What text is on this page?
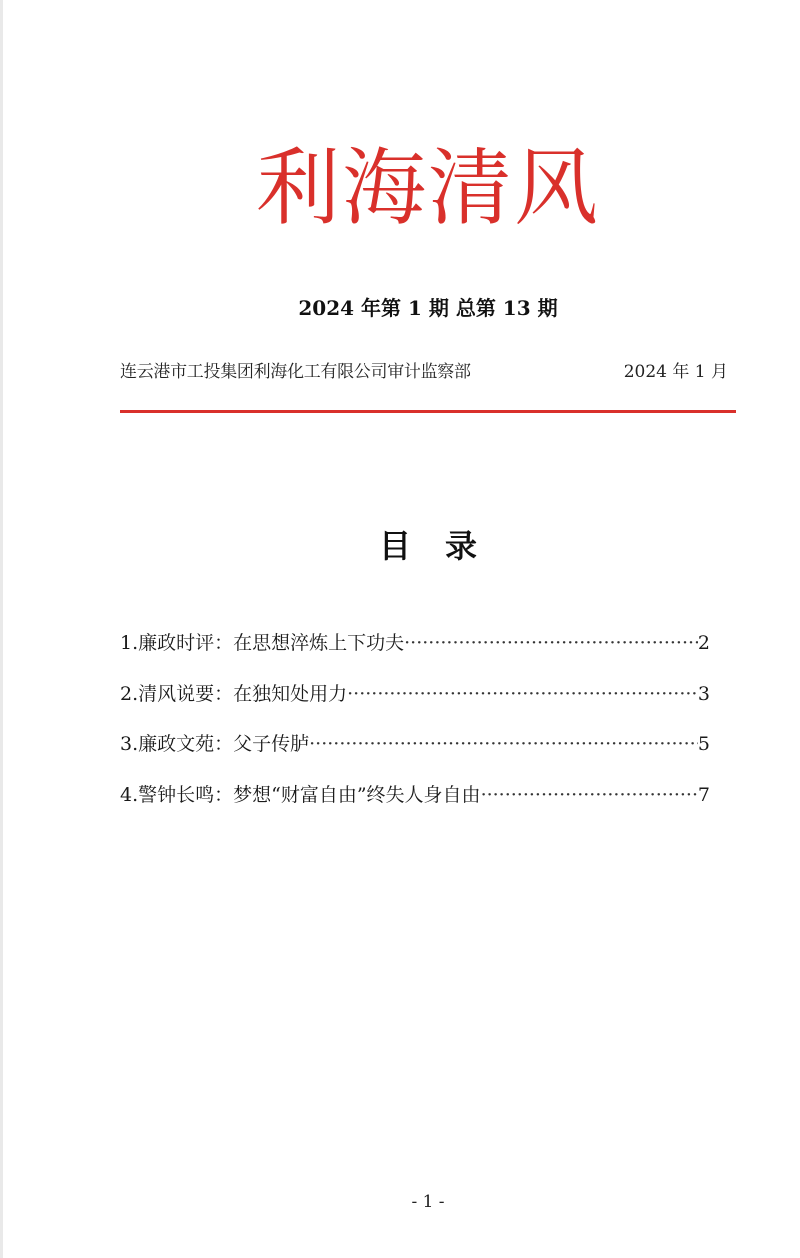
利海清风
2024 年第 1 期 总第 13 期
连云港市工投集团利海化工有限公司审计监察部	2024 年 1 月
目录
1.廉政时评：在思想淬炼上下功夫 ·····	2
2.清风说要：在独知处用力 ·····	3
3.廉政文苑：父子传胪 ·····	5
4.警钟长鸣：梦想“财富自由”终失人身自由 ·····	7
- 1 -
